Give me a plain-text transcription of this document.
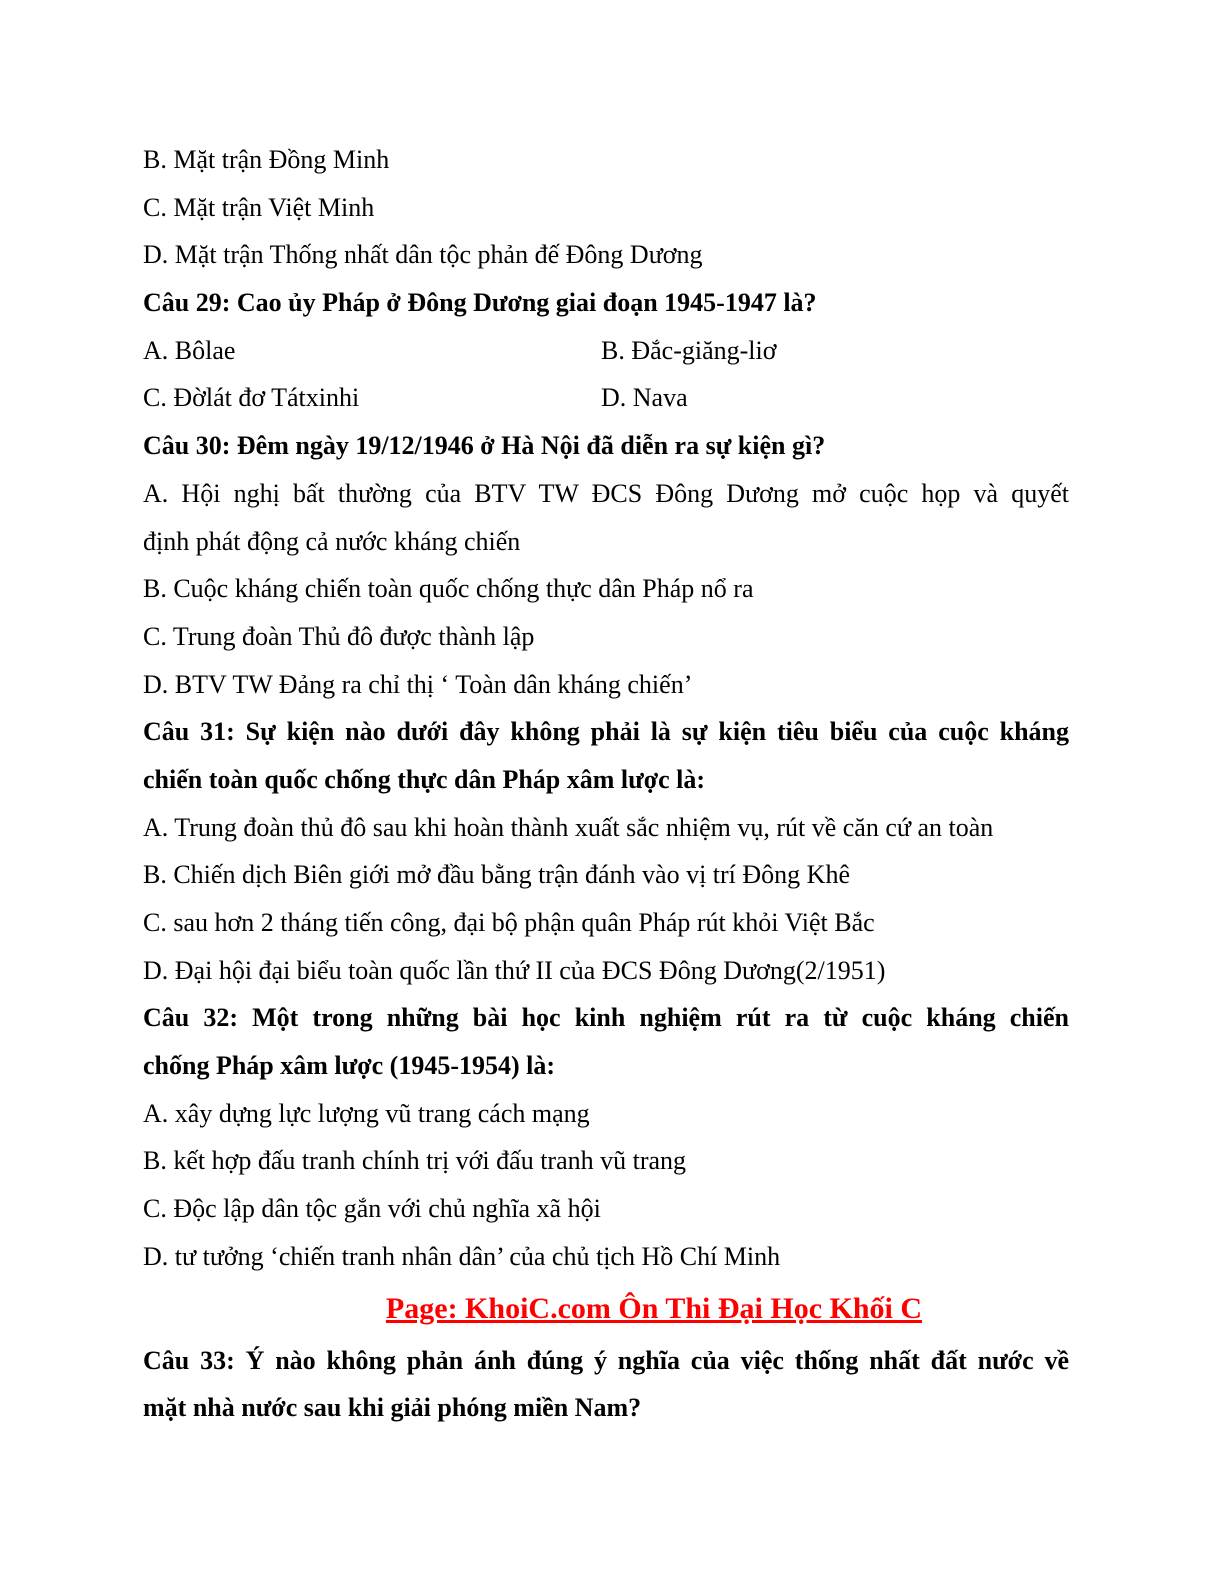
B. Mặt trận Đồng Minh
C. Mặt trận Việt Minh
D. Mặt trận Thống nhất dân tộc phản đế Đông Dương
Câu 29: Cao ủy Pháp ở Đông Dương giai đoạn 1945-1947 là?
A. Bôlae	B. Đắc-giăng-liơ
C. Đờlát đơ Tátxinhi	D. Nava
Câu 30: Đêm ngày 19/12/1946 ở Hà Nội đã diễn ra sự kiện gì?
A. Hội nghị bất thường của BTV TW ĐCS Đông Dương mở cuộc họp và quyết
định phát động cả nước kháng chiến
B. Cuộc kháng chiến toàn quốc chống thực dân Pháp nổ ra
C. Trung đoàn Thủ đô được thành lập
D. BTV TW Đảng ra chỉ thị ‘ Toàn dân kháng chiến’
Câu 31: Sự kiện nào dưới đây không phải là sự kiện tiêu biểu của cuộc kháng
chiến toàn quốc chống thực dân Pháp xâm lược là:
A. Trung đoàn thủ đô sau khi hoàn thành xuất sắc nhiệm vụ, rút về căn cứ an toàn
B. Chiến dịch Biên giới mở đầu bằng trận đánh vào vị trí Đông Khê
C. sau hơn 2 tháng tiến công, đại bộ phận quân Pháp rút khỏi Việt Bắc
D. Đại hội đại biểu toàn quốc lần thứ II của ĐCS Đông Dương(2/1951)
Câu 32: Một trong những bài học kinh nghiệm rút ra từ cuộc kháng chiến
chống Pháp xâm lược (1945-1954) là:
A. xây dựng lực lượng vũ trang cách mạng
B. kết hợp đấu tranh chính trị với đấu tranh vũ trang
C. Độc lập dân tộc gắn với chủ nghĩa xã hội
D. tư tưởng ‘chiến tranh nhân dân’ của chủ tịch Hồ Chí Minh
Page: KhoiC.com Ôn Thi Đại Học Khối C
Câu 33: Ý nào không phản ánh đúng ý nghĩa của việc thống nhất đất nước về
mặt nhà nước sau khi giải phóng miền Nam?
